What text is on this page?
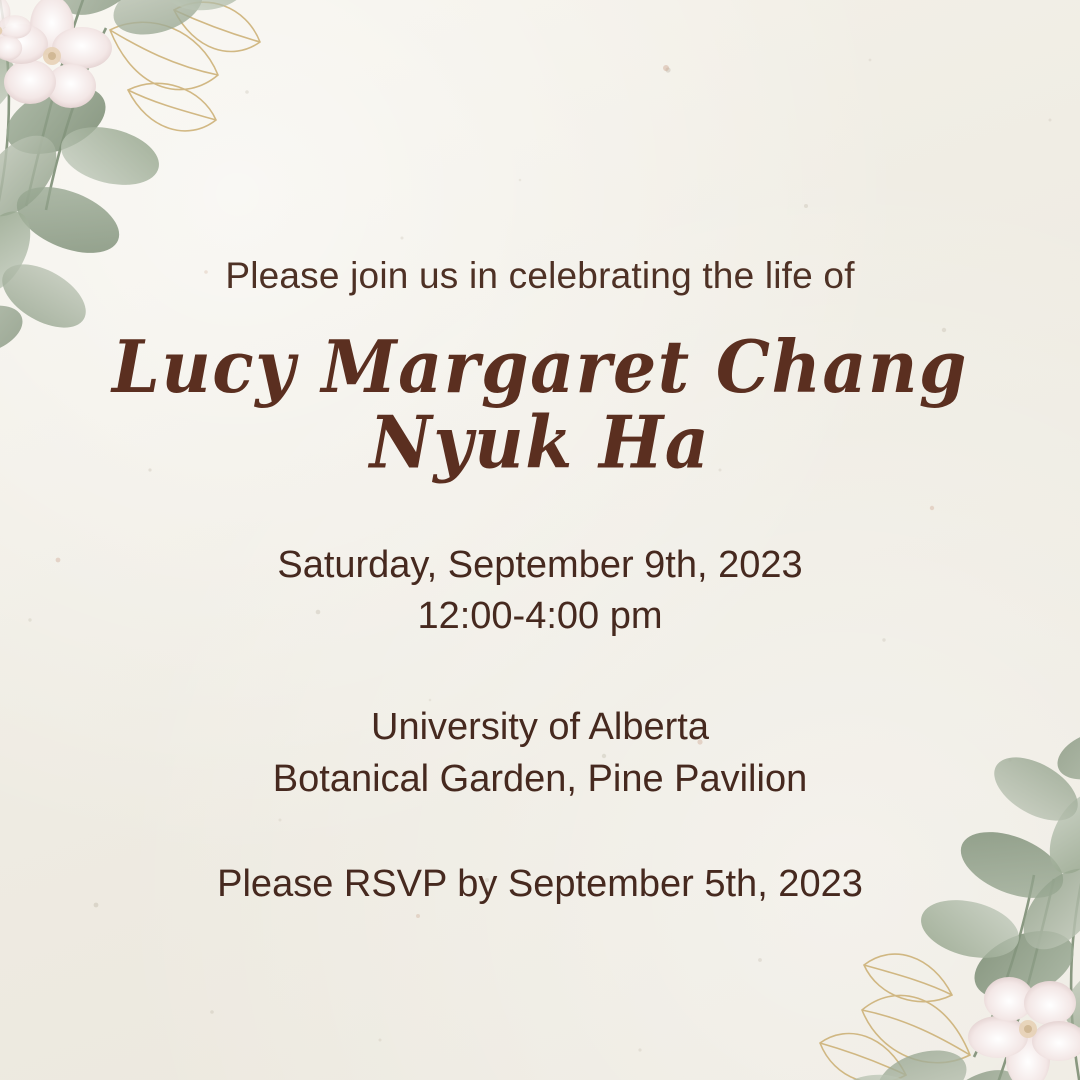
Please join us in celebrating the life of

Lucy Margaret Chang Nyuk Ha
Saturday, September 9th, 2023
12:00-4:00 pm
University of Alberta
Botanical Garden, Pine Pavilion
Please RSVP by September 5th, 2023
